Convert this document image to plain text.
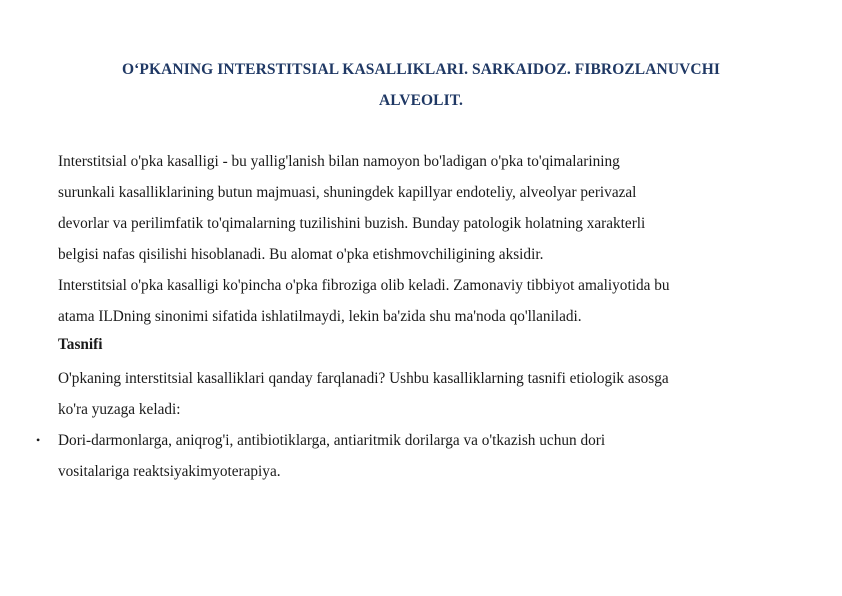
O‘PKANING INTERSTITSIAL KASALLIKLARI. SARKAIDOZ. FIBROZLANUVCHI
ALVEOLIT.
Interstitsial o'pka kasalligi - bu yallig'lanish bilan namoyon bo'ladigan o'pka to'qimalarining
surunkali kasalliklarining butun majmuasi, shuningdek kapillyar endoteliy, alveolyar perivazal
devorlar va perilimfatik to'qimalarning tuzilishini buzish. Bunday patologik holatning xarakterli
belgisi nafas qisilishi hisoblanadi. Bu alomat o'pka etishmovchiligining aksidir.
Interstitsial o'pka kasalligi ko'pincha o'pka fibroziga olib keladi. Zamonaviy tibbiyot amaliyotida bu
atama ILDning sinonimi sifatida ishlatilmaydi, lekin ba'zida shu ma'noda qo'llaniladi.
Tasnifi
O'pkaning interstitsial kasalliklari qanday farqlanadi? Ushbu kasalliklarning tasnifi etiologik asosga
ko'ra yuzaga keladi:
• Dori-darmonlarga, aniqrog'i, antibiotiklarga, antiaritmik dorilarga va o'tkazish uchun dori
vositalariga reaktsiyakimyoterapiya.
